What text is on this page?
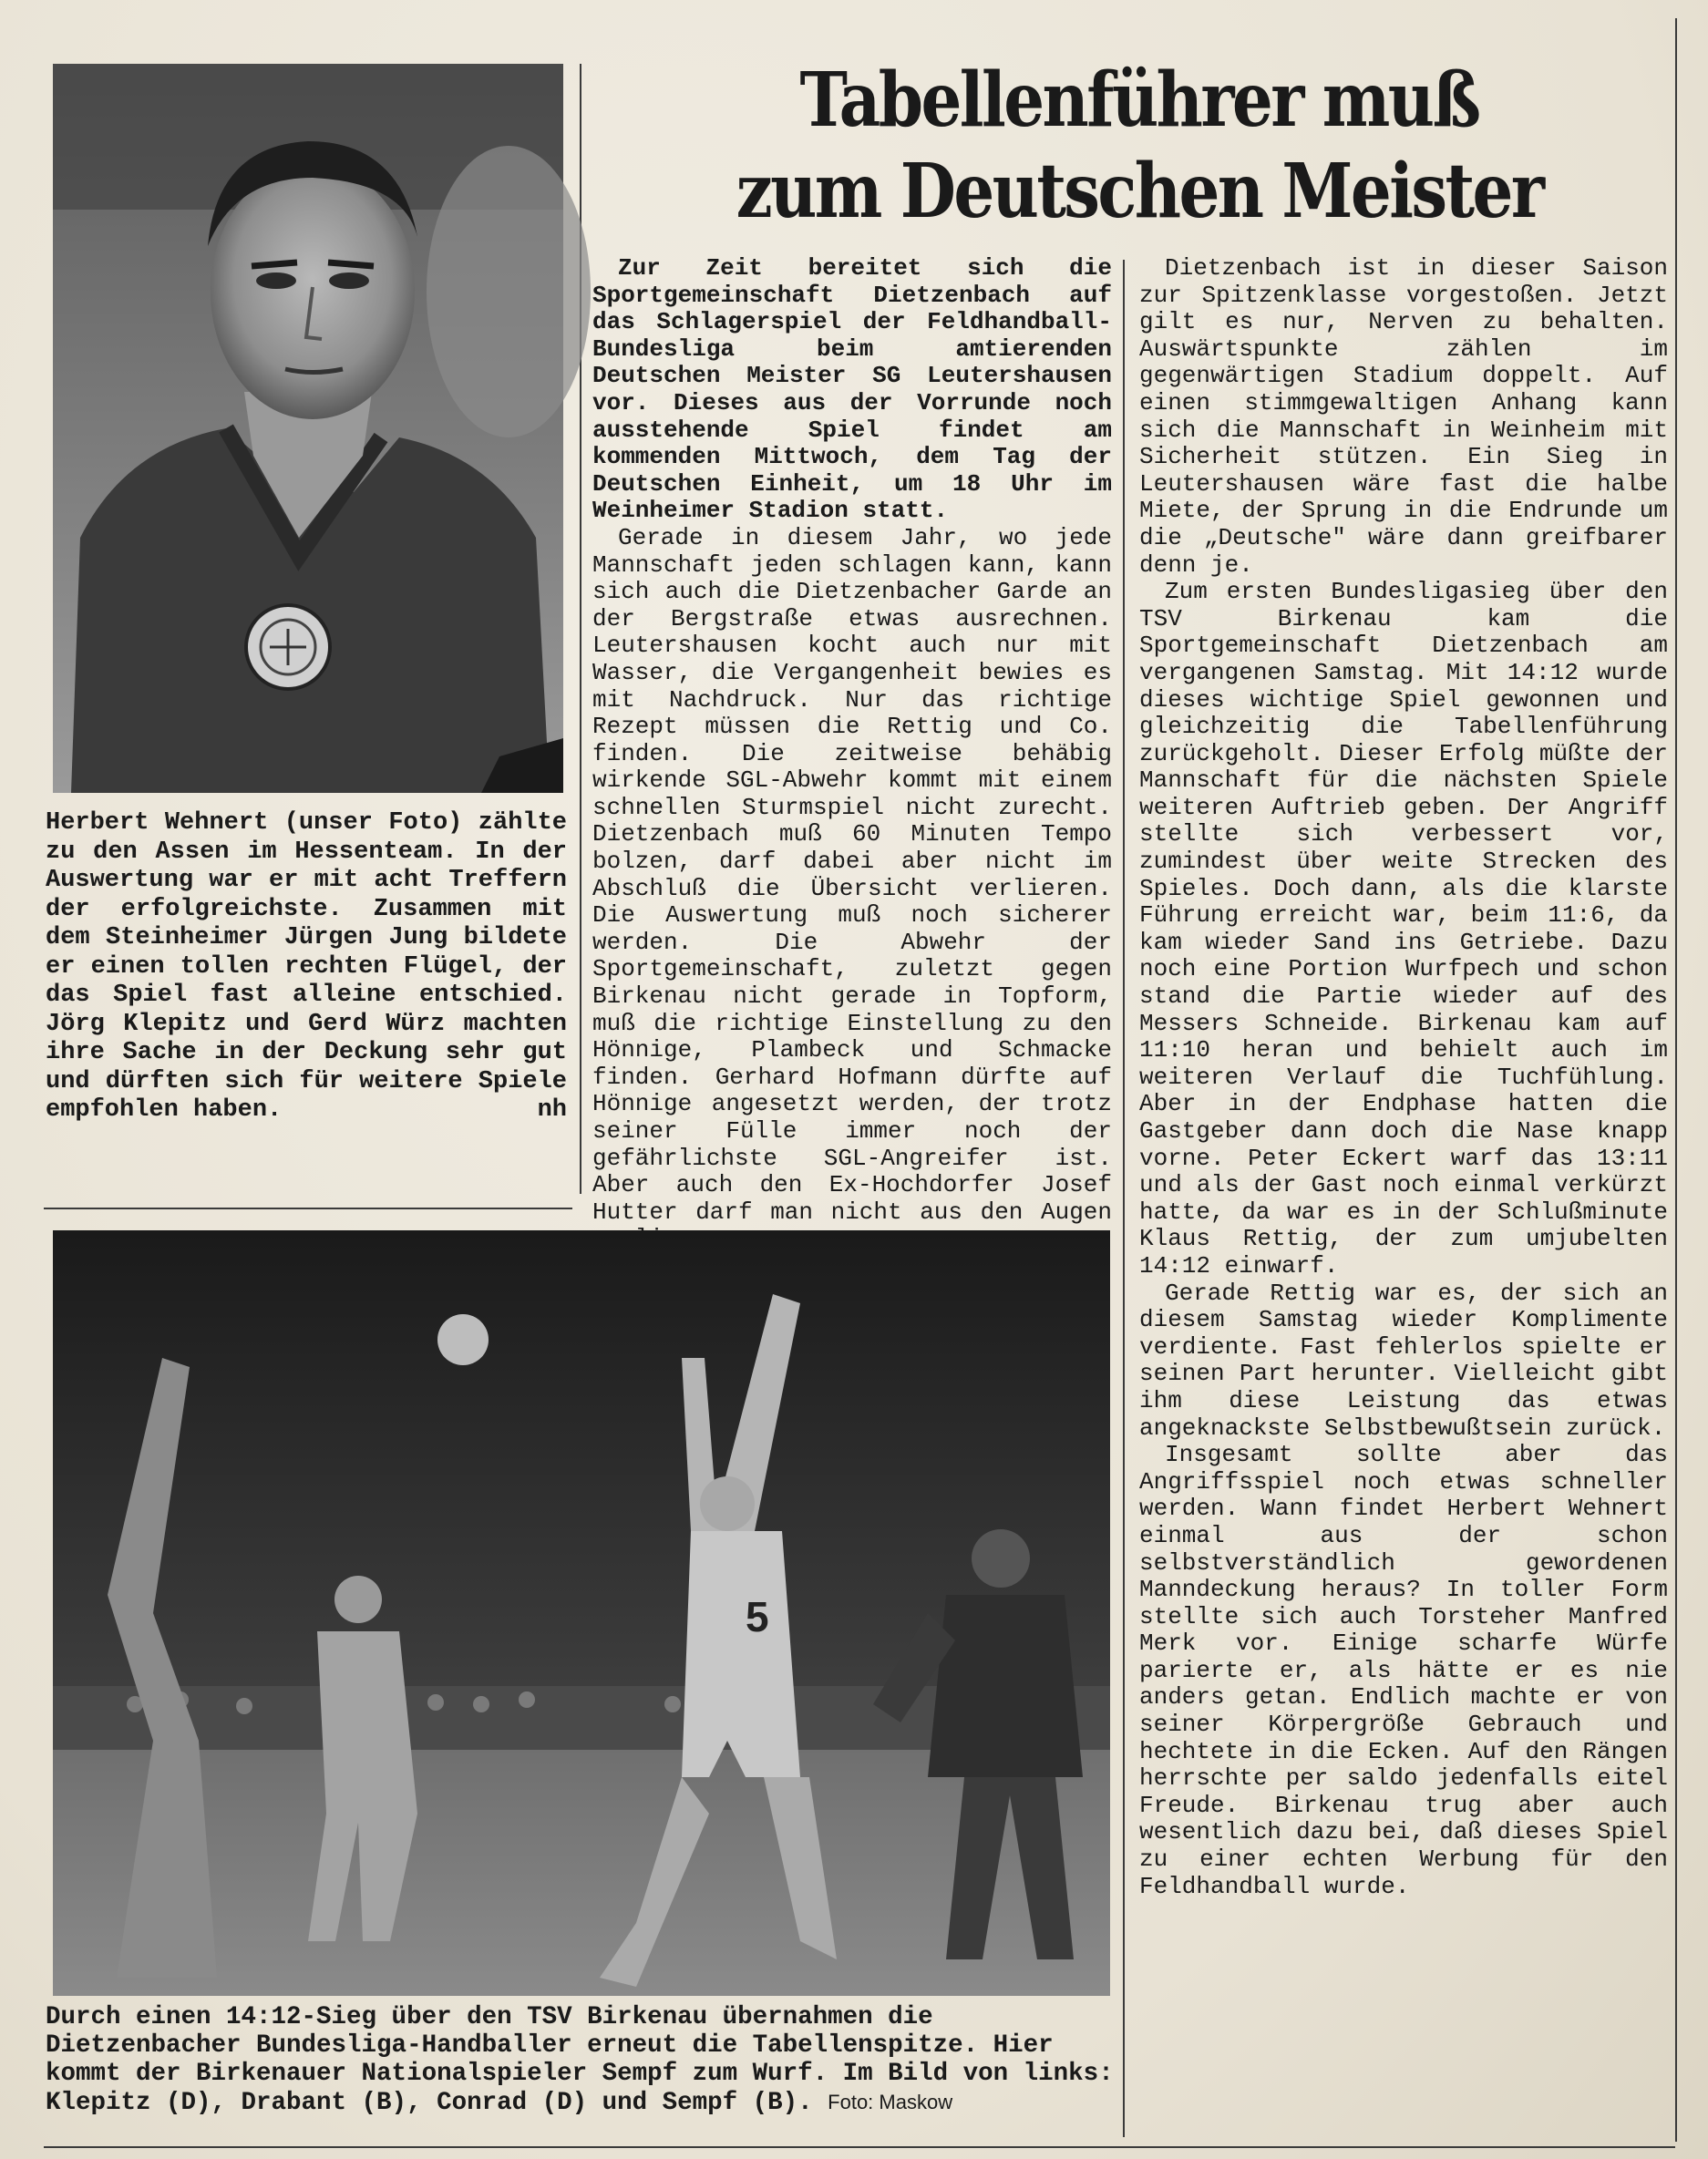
Herbert Wehnert (unser Foto) zählte zu den Assen im Hessenteam. In der Auswertung war er mit acht Treffern der erfolgreichste. Zusammen mit dem Steinheimer Jürgen Jung bildete er einen tollen rechten Flügel, der das Spiel fast alleine entschied. Jörg Klepitz und Gerd Würz machten ihre Sache in der Deckung sehr gut und dürften sich für weitere Spiele empfohlen haben.	nh
Tabellenführer muß
zum Deutschen Meister

Zur Zeit bereitet sich die Sportgemeinschaft Dietzenbach auf das Schlagerspiel der Feldhandball-Bundesliga beim amtierenden Deutschen Meister SG Leutershausen vor. Dieses aus der Vorrunde noch ausstehende Spiel findet am kommenden Mittwoch, dem Tag der Deutschen Einheit, um 18 Uhr im Weinheimer Stadion statt.

Gerade in diesem Jahr, wo jede Mannschaft jeden schlagen kann, kann sich auch die Dietzenbacher Garde an der Bergstraße etwas ausrechnen. Leutershausen kocht auch nur mit Wasser, die Vergangenheit bewies es mit Nachdruck. Nur das richtige Rezept müssen die Rettig und Co. finden. Die zeitweise behäbig wirkende SGL-Abwehr kommt mit einem schnellen Sturmspiel nicht zurecht. Dietzenbach muß 60 Minuten Tempo bolzen, darf dabei aber nicht im Abschluß die Übersicht verlieren. Die Auswertung muß noch sicherer werden. Die Abwehr der Sportgemeinschaft, zuletzt gegen Birkenau nicht gerade in Topform, muß die richtige Einstellung zu den Hönnige, Plambeck und Schmacke finden. Gerhard Hofmann dürfte auf Hönnige angesetzt werden, der trotz seiner Fülle immer noch der gefährlichste SGL-Angreifer ist. Aber auch den Ex-Hochdorfer Josef Hutter darf man nicht aus den Augen

Dietzenbach ist in dieser Saison zur Spitzenklasse vorgestoßen. Jetzt gilt es nur, Nerven zu behalten. Auswärtspunkte zählen im gegenwärtigen Stadium doppelt. Auf einen stimmgewaltigen Anhang kann sich die Mannschaft in Weinheim mit Sicherheit stützen. Ein Sieg in Leutershausen wäre fast die halbe Miete, der Sprung in die Endrunde um die „Deutsche" wäre dann greifbarer denn je.

Zum ersten Bundesligasieg über den TSV Birkenau kam die Sportgemeinschaft Dietzenbach am vergangenen Samstag. Mit 14:12 wurde dieses wichtige Spiel gewonnen und gleichzeitig die Tabellenführung zurückgeholt. Dieser Erfolg müßte der Mannschaft für die nächsten Spiele weiteren Auftrieb geben. Der Angriff stellte sich verbessert vor, zumindest über weite Strecken des Spieles. Doch dann, als die klarste Führung erreicht war, beim 11:6, da kam wieder Sand ins Getriebe. Dazu noch eine Portion Wurfpech und schon stand die Partie wieder auf des Messers Schneide. Birkenau kam auf 11:10 heran und behielt auch im weiteren Verlauf die Tuchfühlung. Aber in der Endphase hatten die Gastgeber dann doch die Nase knapp vorne. Peter Eckert warf das 13:11 und als der Gast noch einmal verkürzt hatte, da war es in der Schlußminute Klaus Rettig, der zum umjubelten 14:12 einwarf.

Gerade Rettig war es, der sich an diesem Samstag wieder Komplimente verdiente. Fast fehlerlos spielte er seinen Part herunter. Vielleicht gibt ihm diese Leistung das etwas angeknackste Selbstbewußtsein zurück.

Insgesamt sollte aber das Angriffsspiel noch etwas schneller werden. Wann findet Herbert Wehnert einmal aus der schon selbstverständlich gewordenen Manndeckung heraus? In toller Form stellte sich auch Torsteher Manfred Merk vor. Einige scharfe Würfe parierte er, als hätte er es nie anders getan. Endlich machte er von seiner Körpergröße Gebrauch und hechtete in die Ecken. Auf den Rängen herrschte per saldo jedenfalls eitel Freude. Birkenau trug aber auch wesentlich dazu bei, daß dieses Spiel zu einer echten Werbung für den Feldhandball wurde.

5
Durch einen 14:12-Sieg über den TSV Birkenau übernahmen die Dietzenbacher Bundesliga-Handballer erneut die Tabellenspitze. Hier kommt der Birkenauer Nationalspieler Sempf zum Wurf. Im Bild von links: Klepitz (D), Drabant (B), Conrad (D) und Sempf (B). Foto: Maskow
